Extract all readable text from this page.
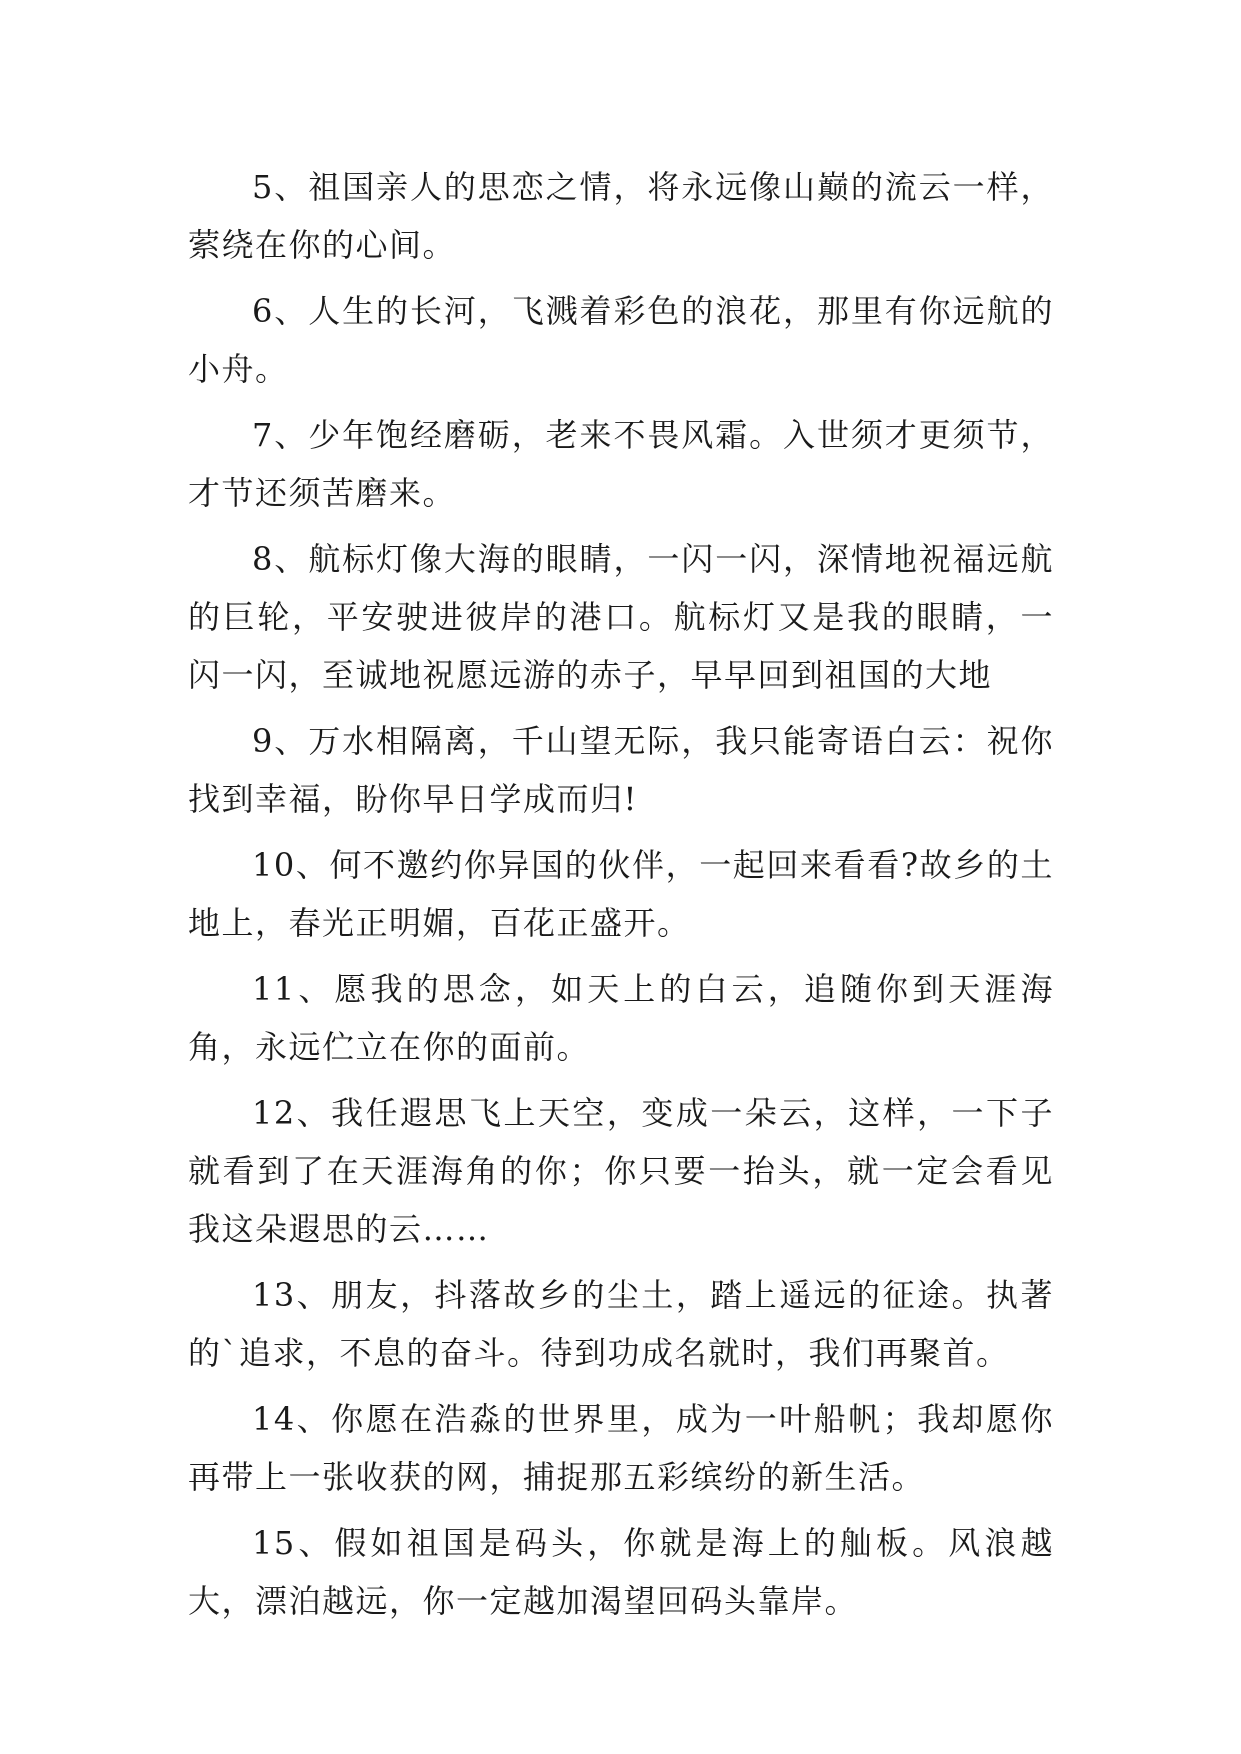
5、祖国亲人的思恋之情，将永远像山巅的流云一样，萦绕在你的心间。

6、人生的长河，飞溅着彩色的浪花，那里有你远航的小舟。

7、少年饱经磨砺，老来不畏风霜。入世须才更须节，才节还须苦磨来。

8、航标灯像大海的眼睛，一闪一闪，深情地祝福远航的巨轮，平安驶进彼岸的港口。航标灯又是我的眼睛，一闪一闪，至诚地祝愿远游的赤子，早早回到祖国的大地

9、万水相隔离，千山望无际，我只能寄语白云：祝你找到幸福，盼你早日学成而归!

10、何不邀约你异国的伙伴，一起回来看看?故乡的土地上，春光正明媚，百花正盛开。

11、愿我的思念，如天上的白云，追随你到天涯海角，永远伫立在你的面前。

12、我任遐思飞上天空，变成一朵云，这样，一下子就看到了在天涯海角的你；你只要一抬头，就一定会看见我这朵遐思的云……

13、朋友，抖落故乡的尘土，踏上遥远的征途。执著的`追求，不息的奋斗。待到功成名就时，我们再聚首。

14、你愿在浩淼的世界里，成为一叶船帆；我却愿你再带上一张收获的网，捕捉那五彩缤纷的新生活。

15、假如祖国是码头，你就是海上的舢板。风浪越大，漂泊越远，你一定越加渴望回码头靠岸。
